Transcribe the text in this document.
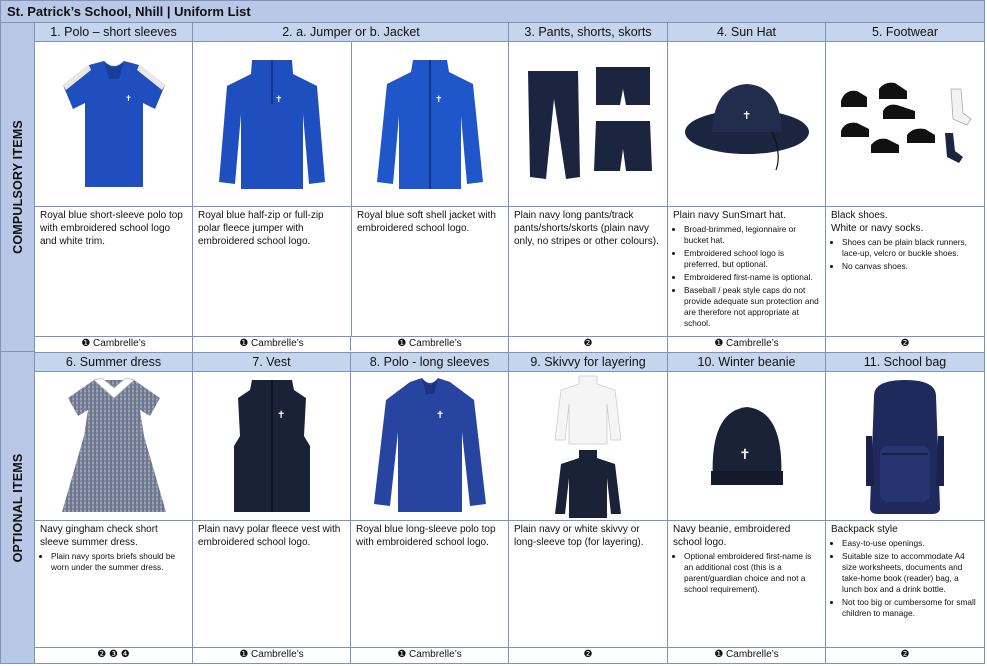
St. Patrick’s School, Nhill | Uniform List
COMPULSORY ITEMS
OPTIONAL ITEMS
1. Polo – short sleeves
✝
Royal blue short-sleeve polo top with embroidered school logo and white trim.
❶ Cambrelle’s
2. a. Jumper or b. Jacket
✝
Royal blue half-zip or full-zip polar fleece jumper with embroidered school logo.
❶ Cambrelle’s
✝
Royal blue soft shell jacket with embroidered school logo.
❶ Cambrelle’s
3. Pants, shorts, skorts
Plain navy long pants/track pants/shorts/skorts (plain navy only, no stripes or other colours).
❷
4. Sun Hat
✝
Plain navy SunSmart hat.
• Broad-brimmed, legionnaire or bucket hat.
• Embroidered school logo is preferred, but optional.
• Embroidered first-name is optional.
• Baseball / peak style caps do not provide adequate sun protection and are therefore not appropriate at school.
❶ Cambrelle’s
5. Footwear
Black shoes.
White or navy socks.
• Shoes can be plain black runners, lace-up, velcro or buckle shoes.
• No canvas shoes.
❷
6. Summer dress
Navy gingham check short sleeve summer dress.
• Plain navy sports briefs should be worn under the summer dress.
❷ ❸ ❹
7. Vest
✝
Plain navy polar fleece vest with embroidered school logo.
❶ Cambrelle’s
8. Polo - long sleeves
✝
Royal blue long-sleeve polo top with embroidered school logo.
❶ Cambrelle’s
9. Skivvy for layering
Plain navy or white skivvy or long-sleeve top (for layering).
❷
10. Winter beanie
✝
Navy beanie, embroidered school logo.
• Optional embroidered first-name is an additional cost (this is a parent/guardian choice and not a school requirement).
❶ Cambrelle’s
11. School bag
Backpack style
• Easy-to-use openings.
• Suitable size to accommodate A4 size worksheets, documents and take-home book (reader) bag, a lunch box and a drink bottle.
• Not too big or cumbersome for small children to manage.
❷
